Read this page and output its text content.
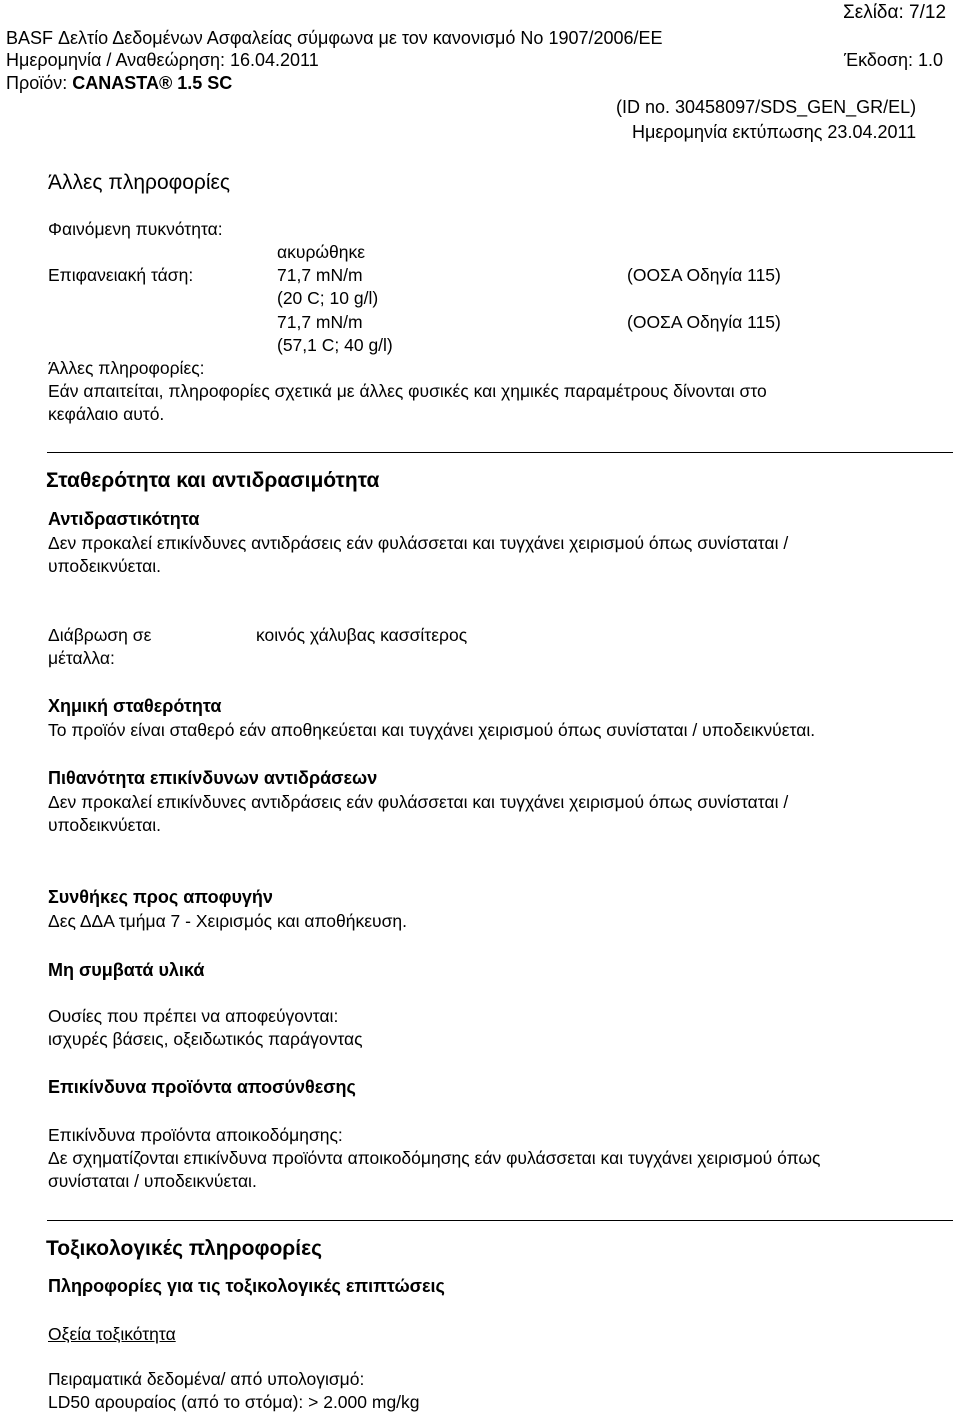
Σελίδα: 7/12
BASF Δελτίο Δεδομένων Ασφαλείας σύμφωνα με τον κανονισμό No 1907/2006/ΕΕ
Ημερομηνία / Αναθεώρηση: 16.04.2011	Έκδοση: 1.0
Προϊόν: CANASTA® 1.5 SC
(ID no. 30458097/SDS_GEN_GR/EL)
Ημερομηνία εκτύπωσης 23.04.2011
Άλλες πληροφορίες
Φαινόμενη πυκνότητα:
ακυρώθηκε
Επιφανειακή τάση:	71,7 mN/m	(ΟΟΣΑ Οδηγία 115)
(20 C; 10 g/l)
71,7 mN/m	(ΟΟΣΑ Οδηγία 115)
(57,1 C; 40 g/l)
Άλλες πληροφορίες:
Εάν απαιτείται, πληροφορίες σχετικά με άλλες φυσικές και χημικές παραμέτρους δίνονται στο
κεφάλαιο αυτό.
Σταθερότητα και αντιδρασιμότητα
Αντιδραστικότητα
Δεν προκαλεί επικίνδυνες αντιδράσεις εάν φυλάσσεται και τυγχάνει χειρισμού όπως συνίσταται /
υποδεικνύεται.
Διάβρωση σε
μέταλλα:
κοινός χάλυβας κασσίτερος
Χημική σταθερότητα
Το προϊόν είναι σταθερό εάν αποθηκεύεται και τυγχάνει χειρισμού όπως συνίσταται / υποδεικνύεται.
Πιθανότητα επικίνδυνων αντιδράσεων
Δεν προκαλεί επικίνδυνες αντιδράσεις εάν φυλάσσεται και τυγχάνει χειρισμού όπως συνίσταται /
υποδεικνύεται.
Συνθήκες προς αποφυγήν
Δες ΔΔΑ τμήμα 7 - Χειρισμός και αποθήκευση.
Μη συμβατά υλικά
Ουσίες που πρέπει να αποφεύγονται:
ισχυρές βάσεις, οξειδωτικός παράγοντας
Επικίνδυνα προϊόντα αποσύνθεσης
Επικίνδυνα προϊόντα αποικοδόμησης:
Δε σχηματίζονται επικίνδυνα προϊόντα αποικοδόμησης εάν φυλάσσεται και τυγχάνει χειρισμού όπως
συνίσταται / υποδεικνύεται.
Τοξικολογικές πληροφορίες
Πληροφορίες για τις τοξικολογικές επιπτώσεις
Οξεία τοξικότητα
Πειραματικά δεδομένα/ από υπολογισμό:
LD50 αρουραίος (από το στόμα): > 2.000 mg/kg
